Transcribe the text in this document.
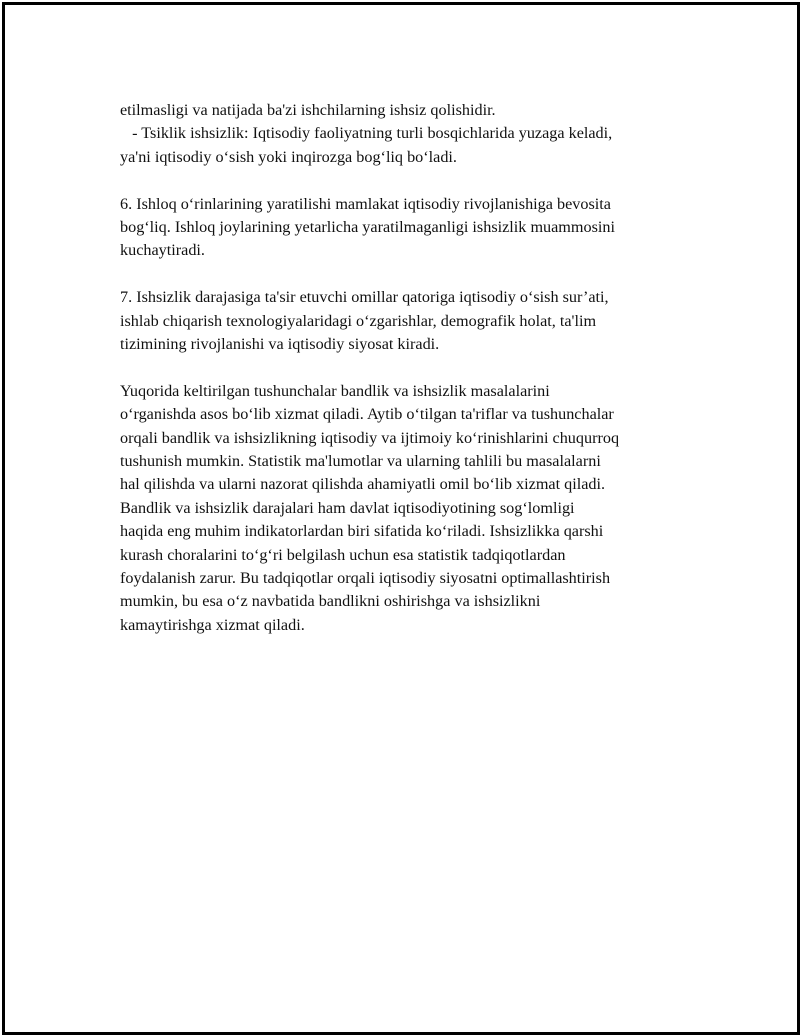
etilmasligi va natijada ba'zi ishchilarning ishsiz qolishidir.
- Tsiklik ishsizlik: Iqtisodiy faoliyatning turli bosqichlarida yuzaga keladi,
ya'ni iqtisodiy o‘sish yoki inqirozga bog‘liq bo‘ladi.
6. Ishloq o‘rinlarining yaratilishi mamlakat iqtisodiy rivojlanishiga bevosita
bog‘liq. Ishloq joylarining yetarlicha yaratilmaganligi ishsizlik muammosini
kuchaytiradi.
7. Ishsizlik darajasiga ta'sir etuvchi omillar qatoriga iqtisodiy o‘sish sur’ati,
ishlab chiqarish texnologiyalaridagi o‘zgarishlar, demografik holat, ta'lim
tizimining rivojlanishi va iqtisodiy siyosat kiradi.
Yuqorida keltirilgan tushunchalar bandlik va ishsizlik masalalarini
o‘rganishda asos bo‘lib xizmat qiladi. Aytib o‘tilgan ta'riflar va tushunchalar
orqali bandlik va ishsizlikning iqtisodiy va ijtimoiy ko‘rinishlarini chuqurroq
tushunish mumkin. Statistik ma'lumotlar va ularning tahlili bu masalalarni
hal qilishda va ularni nazorat qilishda ahamiyatli omil bo‘lib xizmat qiladi.
Bandlik va ishsizlik darajalari ham davlat iqtisodiyotining sog‘lomligi
haqida eng muhim indikatorlardan biri sifatida ko‘riladi. Ishsizlikka qarshi
kurash choralarini to‘g‘ri belgilash uchun esa statistik tadqiqotlardan
foydalanish zarur. Bu tadqiqotlar orqali iqtisodiy siyosatni optimallashtirish
mumkin, bu esa o‘z navbatida bandlikni oshirishga va ishsizlikni
kamaytirishga xizmat qiladi.
